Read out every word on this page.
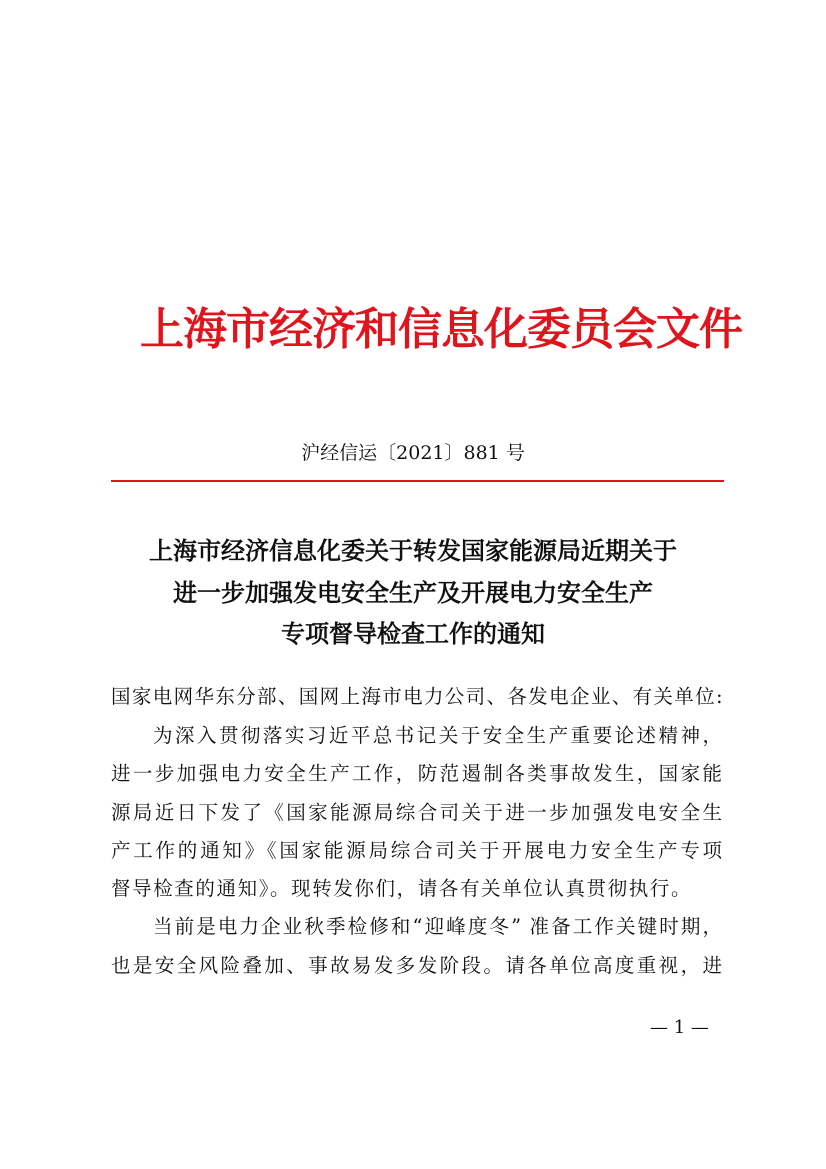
上海市经济和信息化委员会文件
沪经信运〔2021〕881 号
上海市经济信息化委关于转发国家能源局近期关于
进一步加强发电安全生产及开展电力安全生产
专项督导检查工作的通知
国家电网华东分部、国网上海市电力公司、各发电企业、有关单位:
为深入贯彻落实习近平总书记关于安全生产重要论述精神，
进一步加强电力安全生产工作，防范遏制各类事故发生，国家能
源局近日下发了《国家能源局综合司关于进一步加强发电安全生
产工作的通知》《国家能源局综合司关于开展电力安全生产专项
督导检查的通知》。现转发你们，请各有关单位认真贯彻执行。
当前是电力企业秋季检修和“迎峰度冬” 准备工作关键时期，
也是安全风险叠加、事故易发多发阶段。请各单位高度重视，进
— 1 —
